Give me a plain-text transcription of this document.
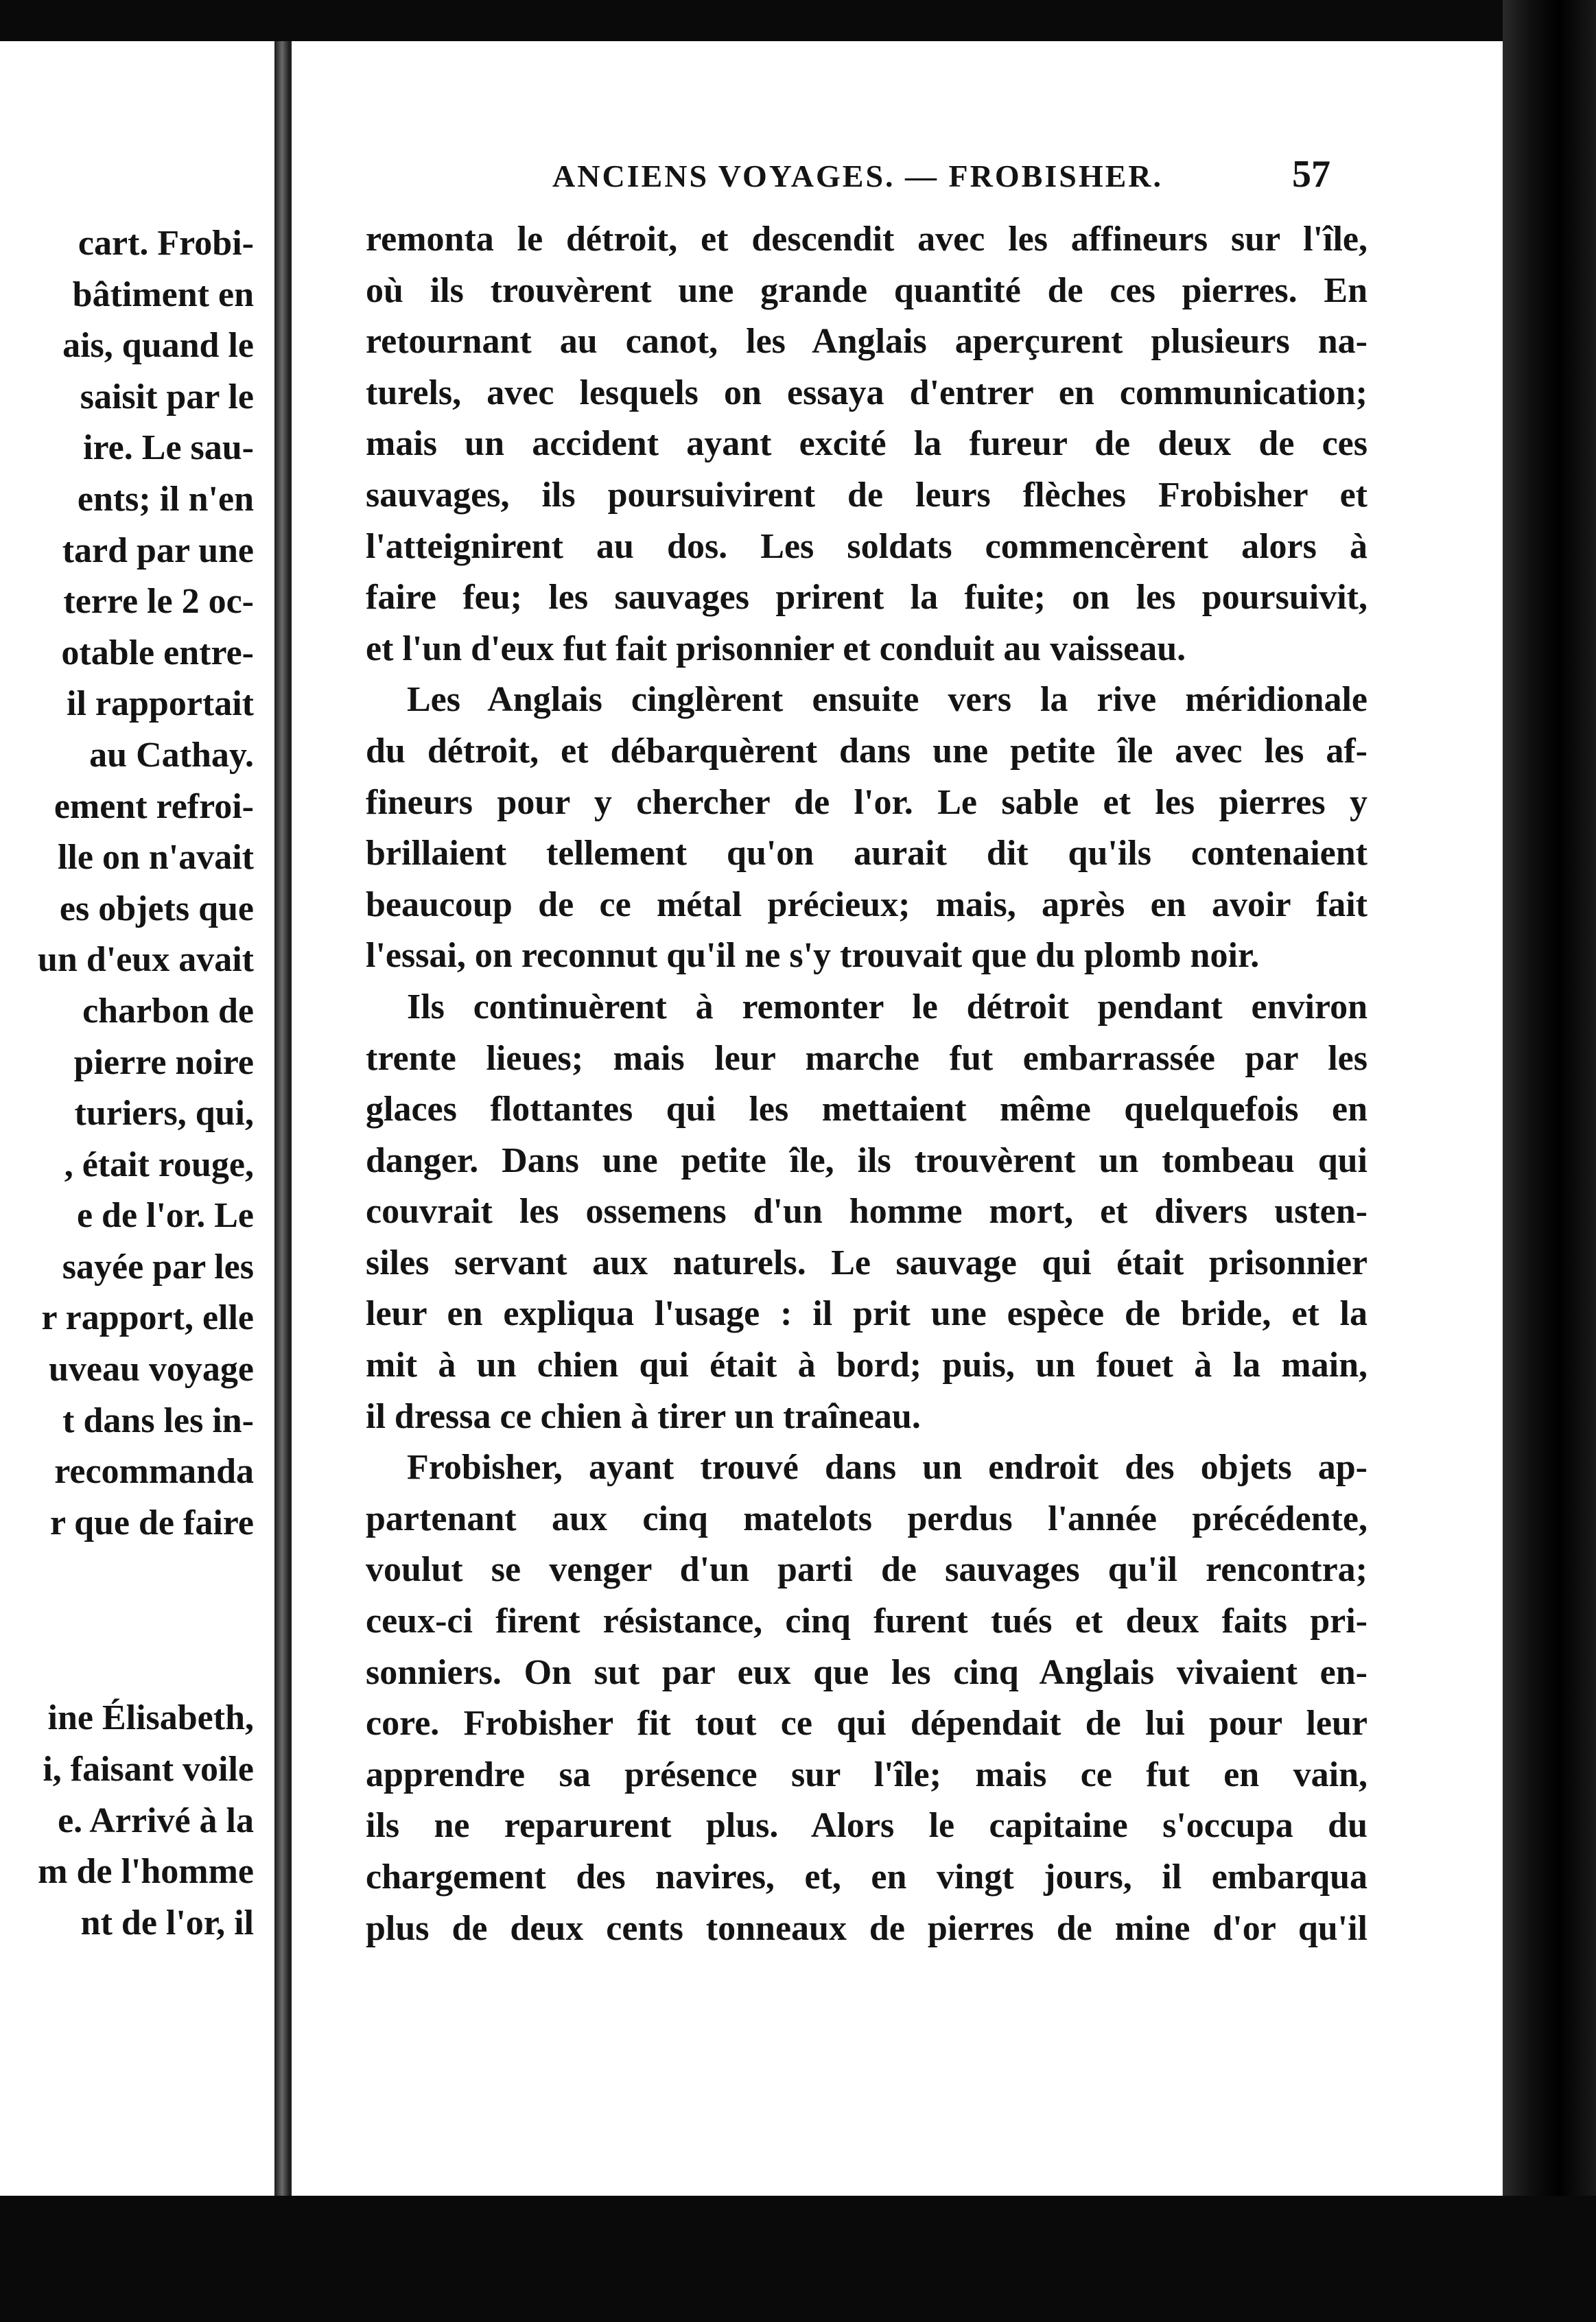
cart. Frobi-
bâtiment en
ais, quand le
saisit par le
ire. Le sau-
ents; il n'en
tard par une
terre le 2 oc-
otable entre-
il rapportait
au Cathay.
ement refroi-
lle on n'avait
es objets que
un d'eux avait
charbon de
pierre noire
turiers, qui,
, était rouge,
e de l'or. Le
sayée par les
r rapport, elle
uveau voyage
t dans les in-
recommanda
r que de faire
ine Élisabeth,
i, faisant voile
e. Arrivé à la
m de l'homme
nt de l'or, il
ANCIENS VOYAGES. — FROBISHER.	57
remonta le détroit, et descendit avec les affineurs sur l'île,
où ils trouvèrent une grande quantité de ces pierres. En
retournant au canot, les Anglais aperçurent plusieurs na-
turels, avec lesquels on essaya d'entrer en communication;
mais un accident ayant excité la fureur de deux de ces
sauvages, ils poursuivirent de leurs flèches Frobisher et
l'atteignirent au dos. Les soldats commencèrent alors à
faire feu; les sauvages prirent la fuite; on les poursuivit,
et l'un d'eux fut fait prisonnier et conduit au vaisseau.
Les Anglais cinglèrent ensuite vers la rive méridionale
du détroit, et débarquèrent dans une petite île avec les af-
fineurs pour y chercher de l'or. Le sable et les pierres y
brillaient tellement qu'on aurait dit qu'ils contenaient
beaucoup de ce métal précieux; mais, après en avoir fait
l'essai, on reconnut qu'il ne s'y trouvait que du plomb noir.
Ils continuèrent à remonter le détroit pendant environ
trente lieues; mais leur marche fut embarrassée par les
glaces flottantes qui les mettaient même quelquefois en
danger. Dans une petite île, ils trouvèrent un tombeau qui
couvrait les ossemens d'un homme mort, et divers usten-
siles servant aux naturels. Le sauvage qui était prisonnier
leur en expliqua l'usage : il prit une espèce de bride, et la
mit à un chien qui était à bord; puis, un fouet à la main,
il dressa ce chien à tirer un traîneau.
Frobisher, ayant trouvé dans un endroit des objets ap-
partenant aux cinq matelots perdus l'année précédente,
voulut se venger d'un parti de sauvages qu'il rencontra;
ceux-ci firent résistance, cinq furent tués et deux faits pri-
sonniers. On sut par eux que les cinq Anglais vivaient en-
core. Frobisher fit tout ce qui dépendait de lui pour leur
apprendre sa présence sur l'île; mais ce fut en vain,
ils ne reparurent plus. Alors le capitaine s'occupa du
chargement des navires, et, en vingt jours, il embarqua
plus de deux cents tonneaux de pierres de mine d'or qu'il
